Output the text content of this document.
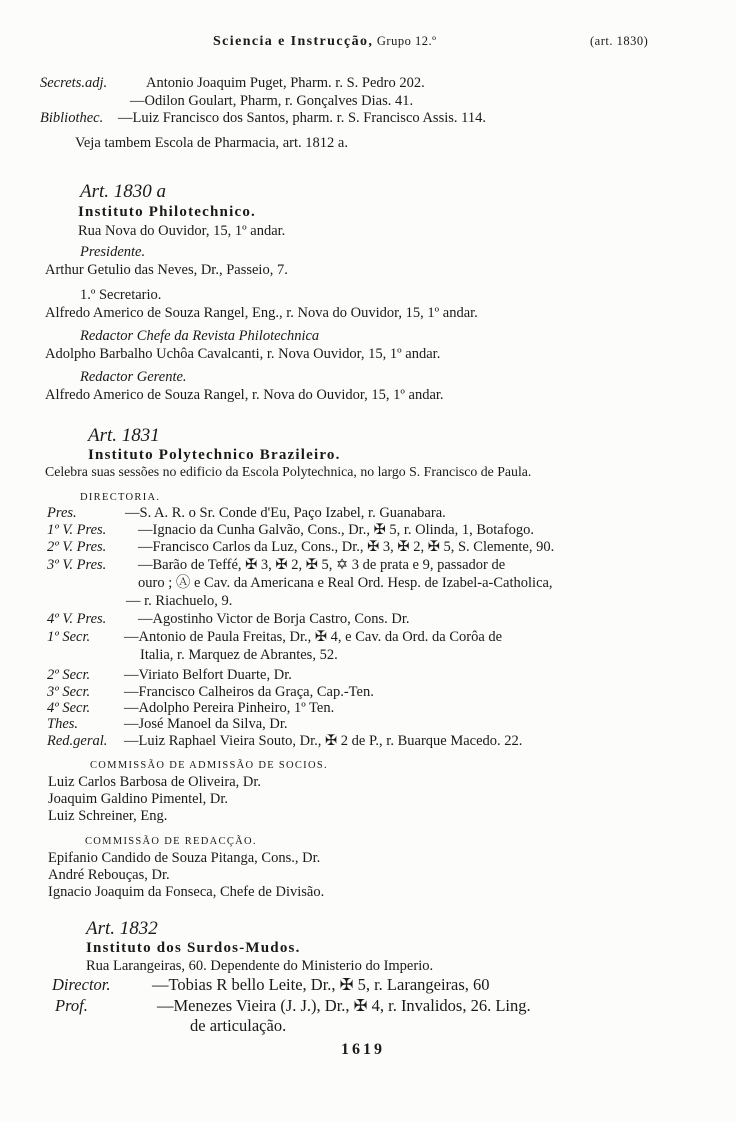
Sciencia e Instrucção, Grupo 12.º	(art. 1830)
Secrets.adj.	Antonio Joaquim Puget, Pharm. r. S. Pedro 202.
—Odilon Goulart, Pharm, r. Gonçalves Dias. 41.
Bibliothec. —Luiz Francisco dos Santos, pharm. r. S. Francisco Assis. 114.
Veja tambem Escola de Pharmacia, art. 1812 a.
Art. 1830 a
Instituto Philotechnico.
Rua Nova do Ouvidor, 15, 1º andar.
Presidente.
Arthur Getulio das Neves, Dr., Passeio, 7.
1.º Secretario.
Alfredo Americo de Souza Rangel, Eng., r. Nova do Ouvidor, 15, 1º andar.
Redactor Chefe da Revista Philotechnica
Adolpho Barbalho Uchôa Cavalcanti, r. Nova Ouvidor, 15, 1º andar.
Redactor Gerente.
Alfredo Americo de Souza Rangel, r. Nova do Ouvidor, 15, 1º andar.
Art. 1831
Instituto Polytechnico Brazileiro.
Celebra suas sessões no edificio da Escola Polytechnica, no largo S. Francisco de Paula.
DIRECTORIA.
Pres.	—S. A. R. o Sr. Conde d'Eu, Paço Izabel, r. Guanabara.
1º V. Pres. —Ignacio da Cunha Galvão, Cons., Dr., ✠ 5, r. Olinda, 1, Botafogo.
2º V. Pres. —Francisco Carlos da Luz, Cons., Dr., ✠ 3, ✠ 2, ✠ 5, S. Clemente, 90.
3º V. Pres. —Barão de Teffé, ✠ 3, ✠ 2, ✠ 5, ✡ 3 de prata e 9, passador de
ouro ; Ⓐ e Cav. da Americana e Real Ord. Hesp. de Izabel-a-Catholica,
— r. Riachuelo, 9.
4º V. Pres. —Agostinho Victor de Borja Castro, Cons. Dr.
1º Secr. —Antonio de Paula Freitas, Dr., ✠ 4, e Cav. da Ord. da Corôa de
Italia, r. Marquez de Abrantes, 52.
2º Secr. —Viriato Belfort Duarte, Dr.
3º Secr. —Francisco Calheiros da Graça, Cap.-Ten.
4º Secr. —Adolpho Pereira Pinheiro, 1º Ten.
Thes.	—José Manoel da Silva, Dr.
Red.geral. —Luiz Raphael Vieira Souto, Dr., ✠ 2 de P., r. Buarque Macedo. 22.
COMMISSÃO DE ADMISSÃO DE SOCIOS.
Luiz Carlos Barbosa de Oliveira, Dr.
Joaquim Galdino Pimentel, Dr.
Luiz Schreiner, Eng.
COMMISSÃO DE REDACÇÃO.
Epifanio Candido de Souza Pitanga, Cons., Dr.
André Rebouças, Dr.
Ignacio Joaquim da Fonseca, Chefe de Divisão.
Art. 1832
Instituto dos Surdos-Mudos.
Rua Larangeiras, 60. Dependente do Ministerio do Imperio.
Director.	—Tobias R bello Leite, Dr., ✠ 5, r. Larangeiras, 60
Prof.	—Menezes Vieira (J. J.), Dr., ✠ 4, r. Invalidos, 26. Ling.
de articulação.
1619
